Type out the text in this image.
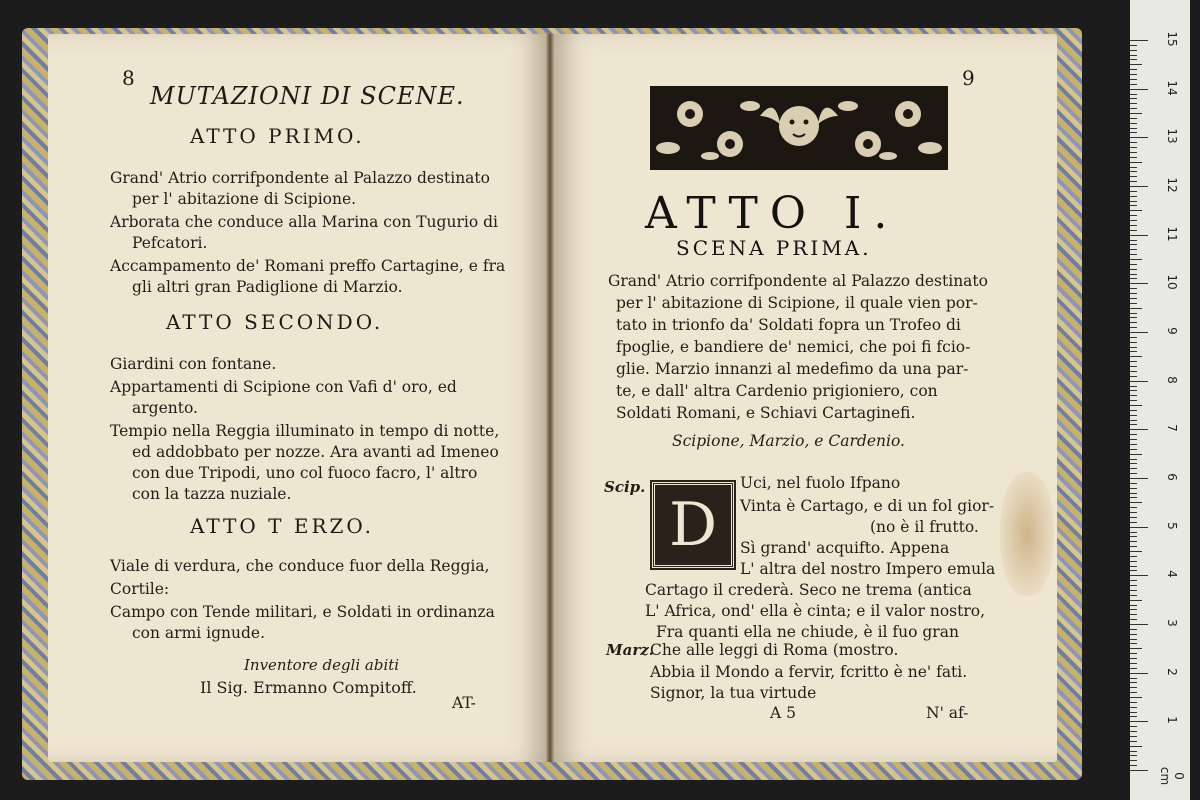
8
MUTAZIONI DI SCENE.
ATTO PRIMO.
Grand' Atrio corrifpondente al Palazzo destinato per l' abitazione di Scipione.
Arborata che conduce alla Marina con Tugurio di Pefcatori.
Accampamento de' Romani preffo Cartagine, e fra gli altri gran Padiglione di Marzio.
ATTO SECONDO.
Giardini con fontane.
Appartamenti di Scipione con Vafi d' oro, ed argento.
Tempio nella Reggia illuminato in tempo di notte, ed addobbato per nozze. Ara avanti ad Imeneo con due Tripodi, uno col fuoco facro, l' altro con la tazza nuziale.
ATTO T ERZO.
Viale di verdura, che conduce fuor della Reggia,
Cortile:
Campo con Tende militari, e Soldati in ordinanza con armi ignude.
Inventore degli abiti
Il Sig. Ermanno Compitoff.
AT-
9
ATTO I.
SCENA PRIMA.
Grand' Atrio corrifpondente al Palazzo destinato
per l' abitazione di Scipione, il quale vien por-
tato in trionfo da' Soldati fopra un Trofeo di
fpoglie, e bandiere de' nemici, che poi fi fcio-
glie. Marzio innanzi al medefimo da una par-
te, e dall' altra Cardenio prigioniero, con
Soldati Romani, e Schiavi Cartaginefi.
Scipione, Marzio, e Cardenio.
Scip.
D
Uci, nel fuolo Ifpano
Vinta è Cartago, e di un fol gior-
(no è il frutto.
Sì grand' acquifto. Appena
L' altra del nostro Impero emula
Cartago il crederà. Seco ne trema (antica
L' Africa, ond' ella è cinta; e il valor nostro,
Fra quanti ella ne chiude, è il fuo gran
Marz.
Che alle leggi di Roma (mostro.
Abbia il Mondo a fervir, fcritto è ne' fati.
Signor, la tua virtude
A 5	N' af-
15
14
13
12
11
10
9
8
7
6
5
4
3
2
1
0 cm
